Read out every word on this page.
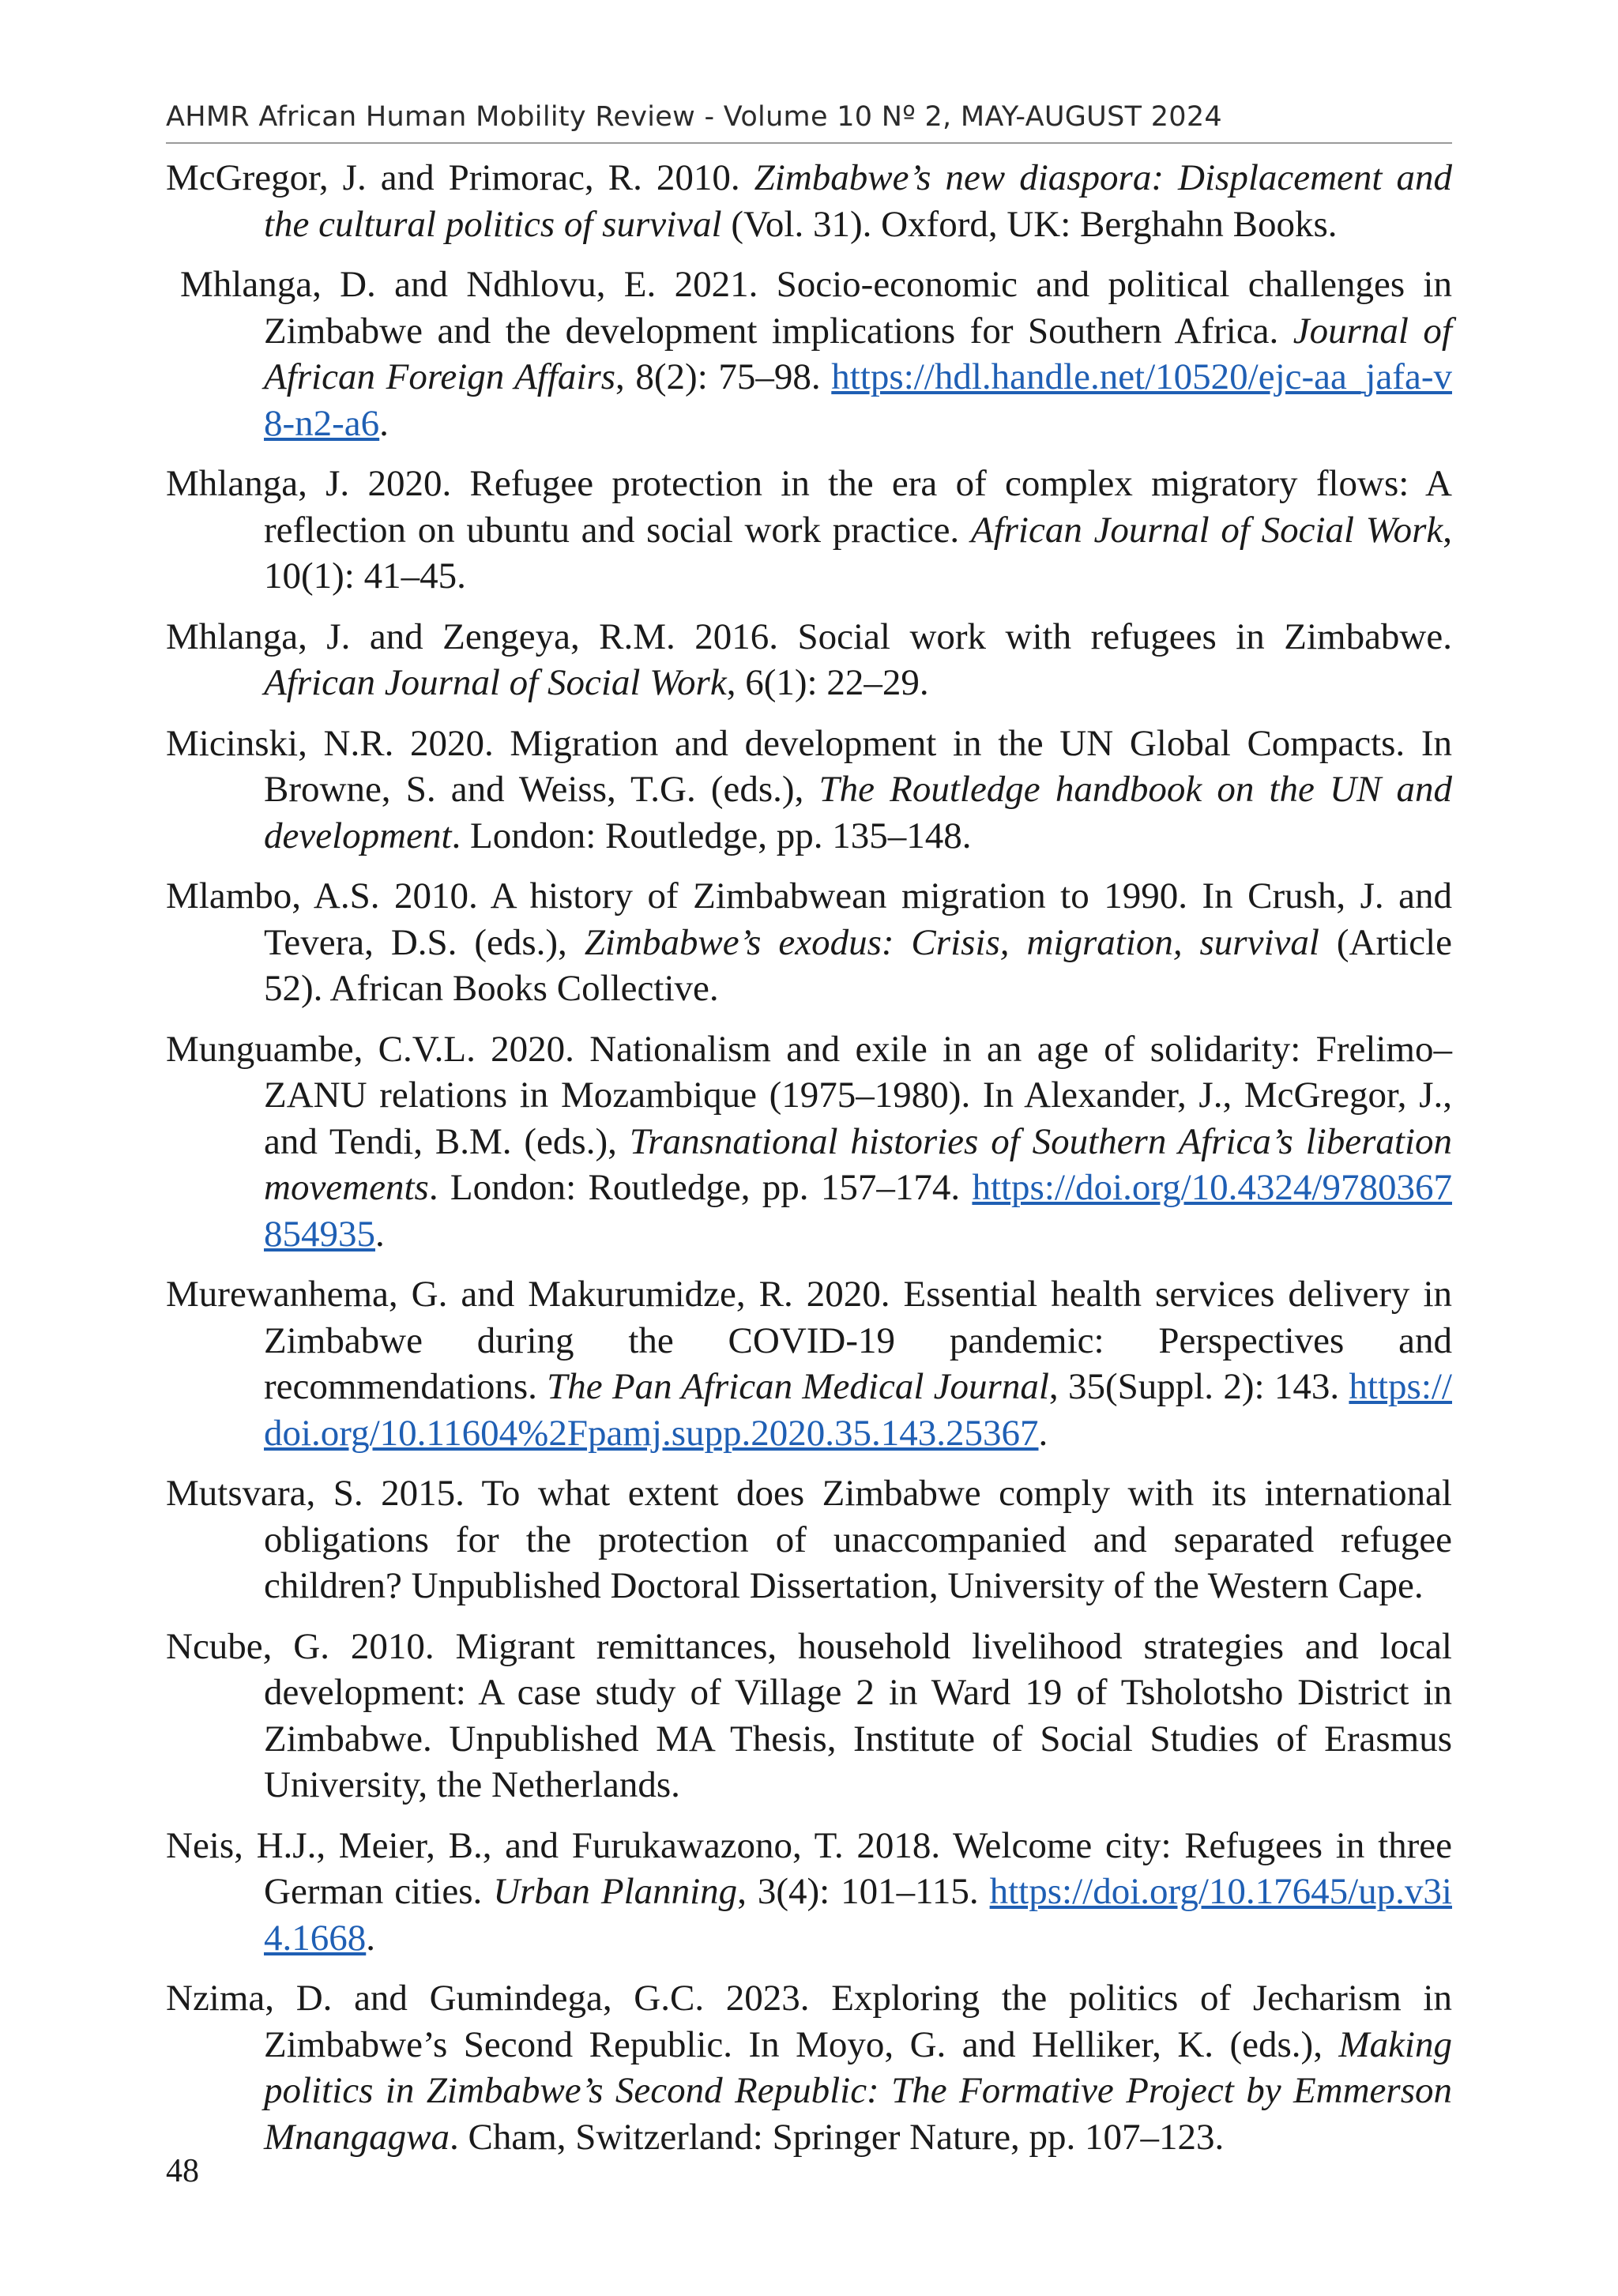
AHMR African Human Mobility Review - Volume 10 Nº 2, MAY-AUGUST 2024

McGregor, J. and Primorac, R. 2010. Zimbabwe’s new diaspora: Displacement and the cultural politics of survival (Vol. 31). Oxford, UK: Berghahn Books.

Mhlanga, D. and Ndhlovu, E. 2021. Socio-economic and political challenges in Zimbabwe and the development implications for Southern Africa. Journal of African Foreign Affairs, 8(2): 75–98. https://hdl.handle.net/10520/ejc-aa_jafa-v8-n2-a6.

Mhlanga, J. 2020. Refugee protection in the era of complex migratory flows: A reflection on ubuntu and social work practice. African Journal of Social Work, 10(1): 41–45.

Mhlanga, J. and Zengeya, R.M. 2016. Social work with refugees in Zimbabwe. African Journal of Social Work, 6(1): 22–29.

Micinski, N.R. 2020. Migration and development in the UN Global Compacts. In Browne, S. and Weiss, T.G. (eds.), The Routledge handbook on the UN and development. London: Routledge, pp. 135–148.

Mlambo, A.S. 2010. A history of Zimbabwean migration to 1990. In Crush, J. and Tevera, D.S. (eds.), Zimbabwe’s exodus: Crisis, migration, survival (Article 52). African Books Collective.

Munguambe, C.V.L. 2020. Nationalism and exile in an age of solidarity: Frelimo–ZANU relations in Mozambique (1975–1980). In Alexander, J., McGregor, J., and Tendi, B.M. (eds.), Transnational histories of Southern Africa’s liberation movements. London: Routledge, pp. 157–174. https://doi.org/10.4324/9780367854935.

Murewanhema, G. and Makurumidze, R. 2020. Essential health services delivery in Zimbabwe during the COVID-19 pandemic: Perspectives and recommendations. The Pan African Medical Journal, 35(Suppl. 2): 143. https://doi.org/10.11604%2Fpamj.supp.2020.35.143.25367.

Mutsvara, S. 2015. To what extent does Zimbabwe comply with its international obligations for the protection of unaccompanied and separated refugee children? Unpublished Doctoral Dissertation, University of the Western Cape.

Ncube, G. 2010. Migrant remittances, household livelihood strategies and local development: A case study of Village 2 in Ward 19 of Tsholotsho District in Zimbabwe. Unpublished MA Thesis, Institute of Social Studies of Erasmus University, the Netherlands.

Neis, H.J., Meier, B., and Furukawazono, T. 2018. Welcome city: Refugees in three German cities. Urban Planning, 3(4): 101–115. https://doi.org/10.17645/up.v3i4.1668.

Nzima, D. and Gumindega, G.C. 2023. Exploring the politics of Jecharism in Zimbabwe’s Second Republic. In Moyo, G. and Helliker, K. (eds.), Making politics in Zimbabwe’s Second Republic: The Formative Project by Emmerson Mnangagwa. Cham, Switzerland: Springer Nature, pp. 107–123.

48
